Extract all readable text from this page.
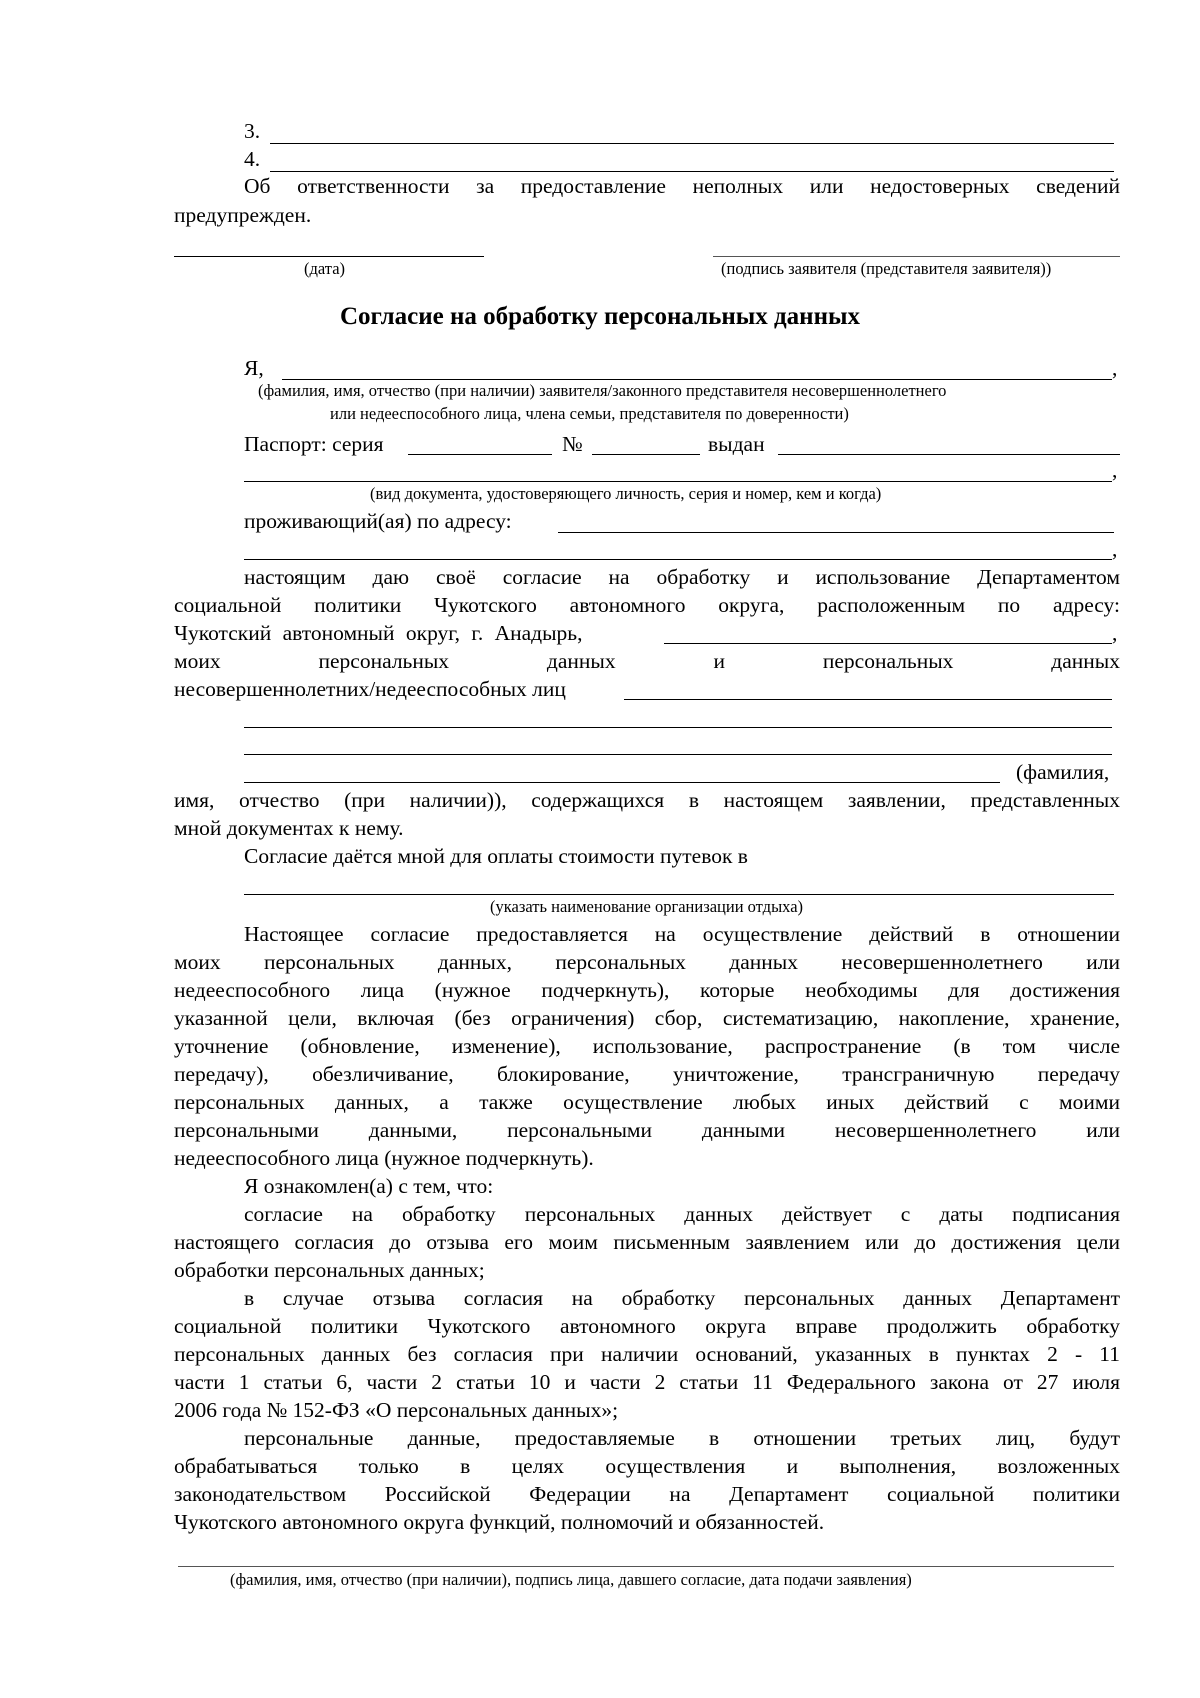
3.
4.
Об ответственности за предоставление неполных или недостоверных сведений
предупрежден.
(дата)	(подпись заявителя (представителя заявителя))
Согласие на обработку персональных данных
Я,	,
(фамилия, имя, отчество (при наличии) заявителя/законного представителя несовершеннолетнего
или недееспособного лица, члена семьи, представителя по доверенности)
Паспорт: серия	№	выдан
,
(вид документа, удостоверяющего личность, серия и номер, кем и когда)
проживающий(ая) по адресу:
,
настоящим даю своё согласие на обработку и использование Департаментом
социальной политики Чукотского автономного округа, расположенным по адресу:
Чукотский автономный округ, г. Анадырь,	,
моих	персональных	данных	и	персональных	данных
несовершеннолетних/недееспособных лиц
(фамилия,
имя, отчество (при наличии)), содержащихся в настоящем заявлении, представленных
мной документах к нему.
Согласие даётся мной для оплаты стоимости путевок в
(указать наименование организации отдыха)
Настоящее согласие предоставляется на осуществление действий в отношении
моих персональных данных, персональных данных несовершеннолетнего или
недееспособного лица (нужное подчеркнуть), которые необходимы для достижения
указанной цели, включая (без ограничения) сбор, систематизацию, накопление, хранение,
уточнение (обновление, изменение), использование, распространение (в том числе
передачу), обезличивание, блокирование, уничтожение, трансграничную передачу
персональных данных, а также осуществление любых иных действий с моими
персональными данными, персональными данными несовершеннолетнего или
недееспособного лица (нужное подчеркнуть).
Я ознакомлен(а) с тем, что:
согласие на обработку персональных данных действует с даты подписания
настоящего согласия до отзыва его моим письменным заявлением или до достижения цели
обработки персональных данных;
в случае отзыва согласия на обработку персональных данных Департамент
социальной политики Чукотского автономного округа вправе продолжить обработку
персональных данных без согласия при наличии оснований, указанных в пунктах 2 - 11
части 1 статьи 6, части 2 статьи 10 и части 2 статьи 11 Федерального закона от 27 июля
2006 года № 152-ФЗ «О персональных данных»;
персональные данные, предоставляемые в отношении третьих лиц, будут
обрабатываться только в целях осуществления и выполнения, возложенных
законодательством Российской Федерации на Департамент социальной политики
Чукотского автономного округа функций, полномочий и обязанностей.
(фамилия, имя, отчество (при наличии), подпись лица, давшего согласие, дата подачи заявления)
